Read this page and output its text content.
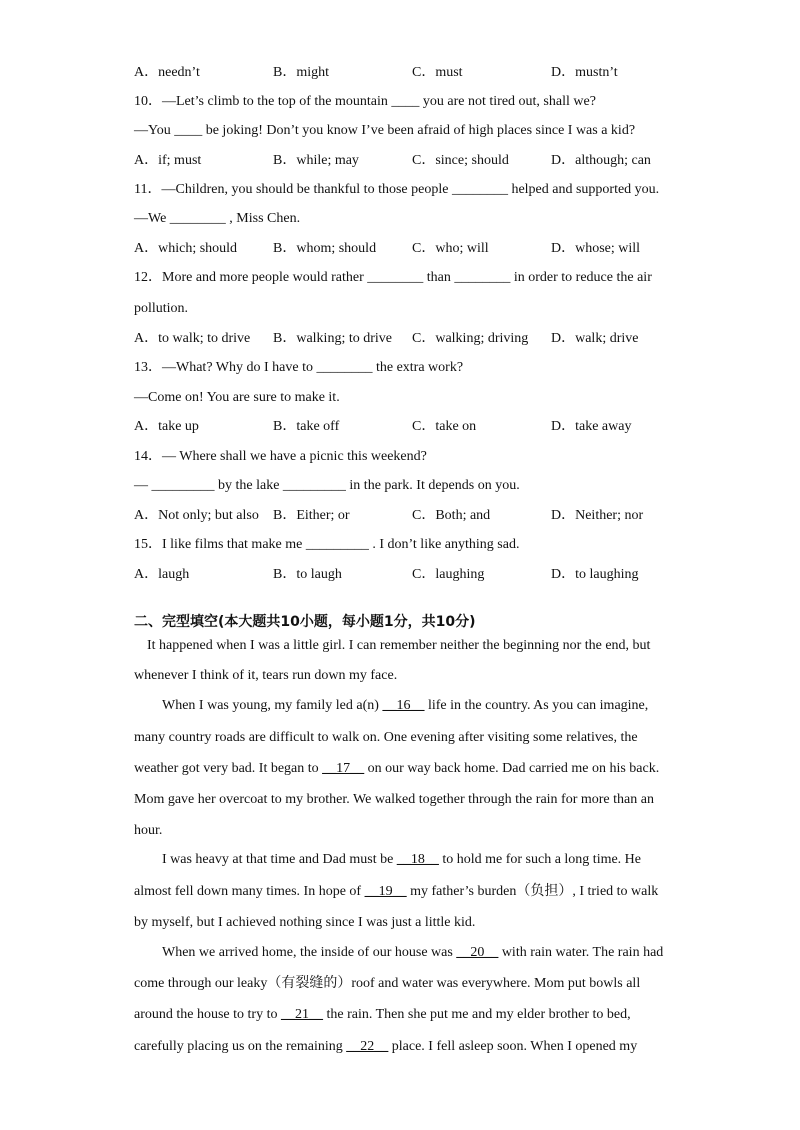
A．needn’t	B．might	C．must	D．mustn’t
10．—Let’s climb to the top of the mountain ____ you are not tired out, shall we?
—You ____ be joking! Don’t you know I’ve been afraid of high places since I was a kid?
A．if; must	B．while; may	C．since; should	D．although; can
11．—Children, you should be thankful to those people ________ helped and supported you.
—We ________ , Miss Chen.
A．which; should	B．whom; should	C．who; will	D．whose; will
12．More and more people would rather ________ than ________ in order to reduce the air
pollution.
A．to walk; to drive B．walking; to drive C．walking; driving D．walk; drive
13．—What? Why do I have to ________ the extra work?
—Come on! You are sure to make it.
A．take up	B．take off	C．take on	D．take away
14．— Where shall we have a picnic this weekend?
— _________ by the lake _________ in the park. It depends on you.
A．Not only; but also B．Either; or	C．Both; and	D．Neither; nor
15．I like films that make me _________ . I don’t like anything sad.
A．laugh	B．to laugh	C．laughing	D．to laughing
二、完型填空(本大题共10小题，每小题1分，共10分)
It happened when I was a little girl. I can remember neither the beginning nor the end, but
whenever I think of it, tears run down my face.
When I was young, my family led a(n) __16__ life in the country. As you can imagine,
many country roads are difficult to walk on. One evening after visiting some relatives, the
weather got very bad. It began to __17__ on our way back home. Dad carried me on his back.
Mom gave her overcoat to my brother. We walked together through the rain for more than an
hour.
I was heavy at that time and Dad must be __18__ to hold me for such a long time. He
almost fell down many times. In hope of __19__ my father’s burden（负担）, I tried to walk
by myself, but I achieved nothing since I was just a little kid.
When we arrived home, the inside of our house was __20__ with rain water. The rain had
come through our leaky（有裂缝的）roof and water was everywhere. Mom put bowls all
around the house to try to __21__ the rain. Then she put me and my elder brother to bed,
carefully placing us on the remaining __22__ place. I fell asleep soon. When I opened my
